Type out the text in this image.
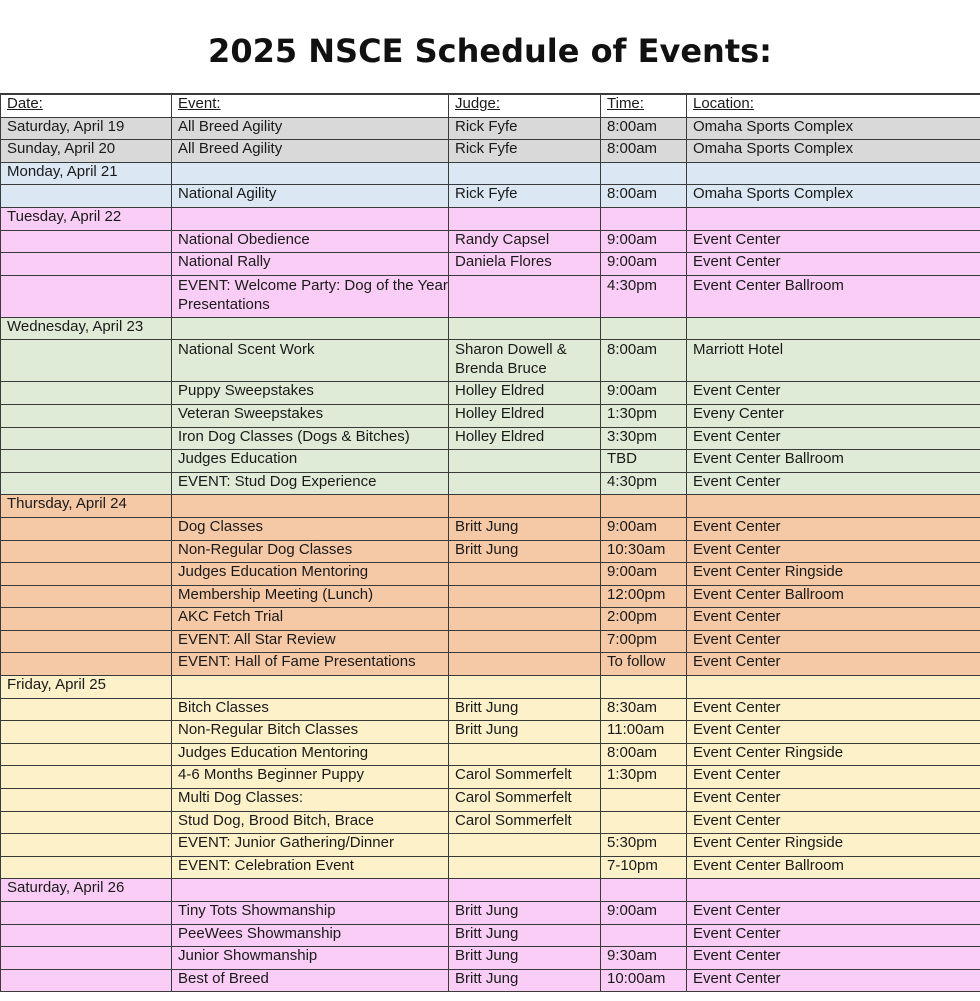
2025 NSCE Schedule of Events:
Date:	Event:	Judge:	Time:	Location:
Saturday, April 19	All Breed Agility	Rick Fyfe	8:00am	Omaha Sports Complex
Sunday, April 20	All Breed Agility	Rick Fyfe	8:00am	Omaha Sports Complex
Monday, April 21				
	National Agility	Rick Fyfe	8:00am	Omaha Sports Complex
Tuesday, April 22				
	National Obedience	Randy Capsel	9:00am	Event Center
	National Rally	Daniela Flores	9:00am	Event Center
	EVENT: Welcome Party: Dog of the Year Presentations		4:30pm	Event Center Ballroom
Wednesday, April 23				
	National Scent Work	Sharon Dowell & Brenda Bruce	8:00am	Marriott Hotel
	Puppy Sweepstakes	Holley Eldred	9:00am	Event Center
	Veteran Sweepstakes	Holley Eldred	1:30pm	Eveny Center
	Iron Dog Classes (Dogs & Bitches)	Holley Eldred	3:30pm	Event Center
	Judges Education		TBD	Event Center Ballroom
	EVENT: Stud Dog Experience		4:30pm	Event Center
Thursday, April 24				
	Dog Classes	Britt Jung	9:00am	Event Center
	Non-Regular Dog Classes	Britt Jung	10:30am	Event Center
	Judges Education Mentoring		9:00am	Event Center Ringside
	Membership Meeting (Lunch)		12:00pm	Event Center Ballroom
	AKC Fetch Trial		2:00pm	Event Center
	EVENT: All Star Review		7:00pm	Event Center
	EVENT: Hall of Fame Presentations		To follow	Event Center
Friday, April 25				
	Bitch Classes	Britt Jung	8:30am	Event Center
	Non-Regular Bitch Classes	Britt Jung	11:00am	Event Center
	Judges Education Mentoring		8:00am	Event Center Ringside
	4-6 Months Beginner Puppy	Carol Sommerfelt	1:30pm	Event Center
	Multi Dog Classes:	Carol Sommerfelt		Event Center
	Stud Dog, Brood Bitch, Brace	Carol Sommerfelt		Event Center
	EVENT: Junior Gathering/Dinner		5:30pm	Event Center Ringside
	EVENT: Celebration Event		7-10pm	Event Center Ballroom
Saturday, April 26				
	Tiny Tots Showmanship	Britt Jung	9:00am	Event Center
	PeeWees Showmanship	Britt Jung		Event Center
	Junior Showmanship	Britt Jung	9:30am	Event Center
	Best of Breed	Britt Jung	10:00am	Event Center
